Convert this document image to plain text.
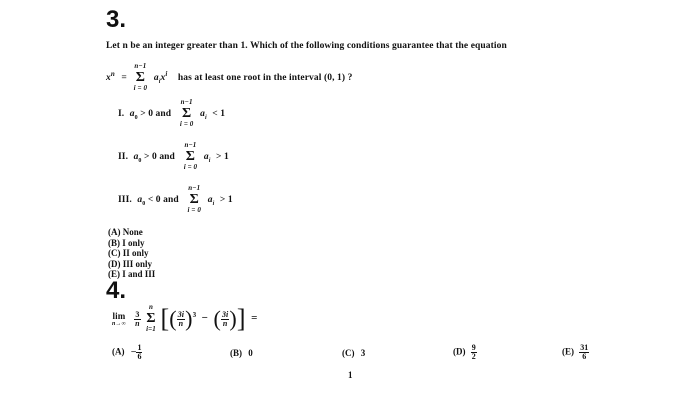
3.
Let n be an integer greater than 1. Which of the following conditions guarantee that the equation
$x^n$ =
n−1
Σ
i = 0
$a_ix^i$ has at least one root in the interval (0, 1) ?
I. $a_0 > 0$ and
n−1
Σ
i = 0
$a_i < 1$
II. $a_0 > 0$ and
n−1
Σ
i = 0
$a_i > 1$
III. $a_0 < 0$ and
n−1
Σ
i = 0
$a_i > 1$
(A) None
(B) I only
(C) II only
(D) III only
(E) I and III
4.
lim
n→∞
$\frac{3}{n}$

n
Σ
i=1 [( $\frac{3i}{n} )^3$ − ( $\frac{3i}{n}$ )] =
$(A) - \frac{1}{6}$	(B) 0	(C) 3	$(D) \frac{9}{2}$	$(E) \frac{31}{6}$
1
